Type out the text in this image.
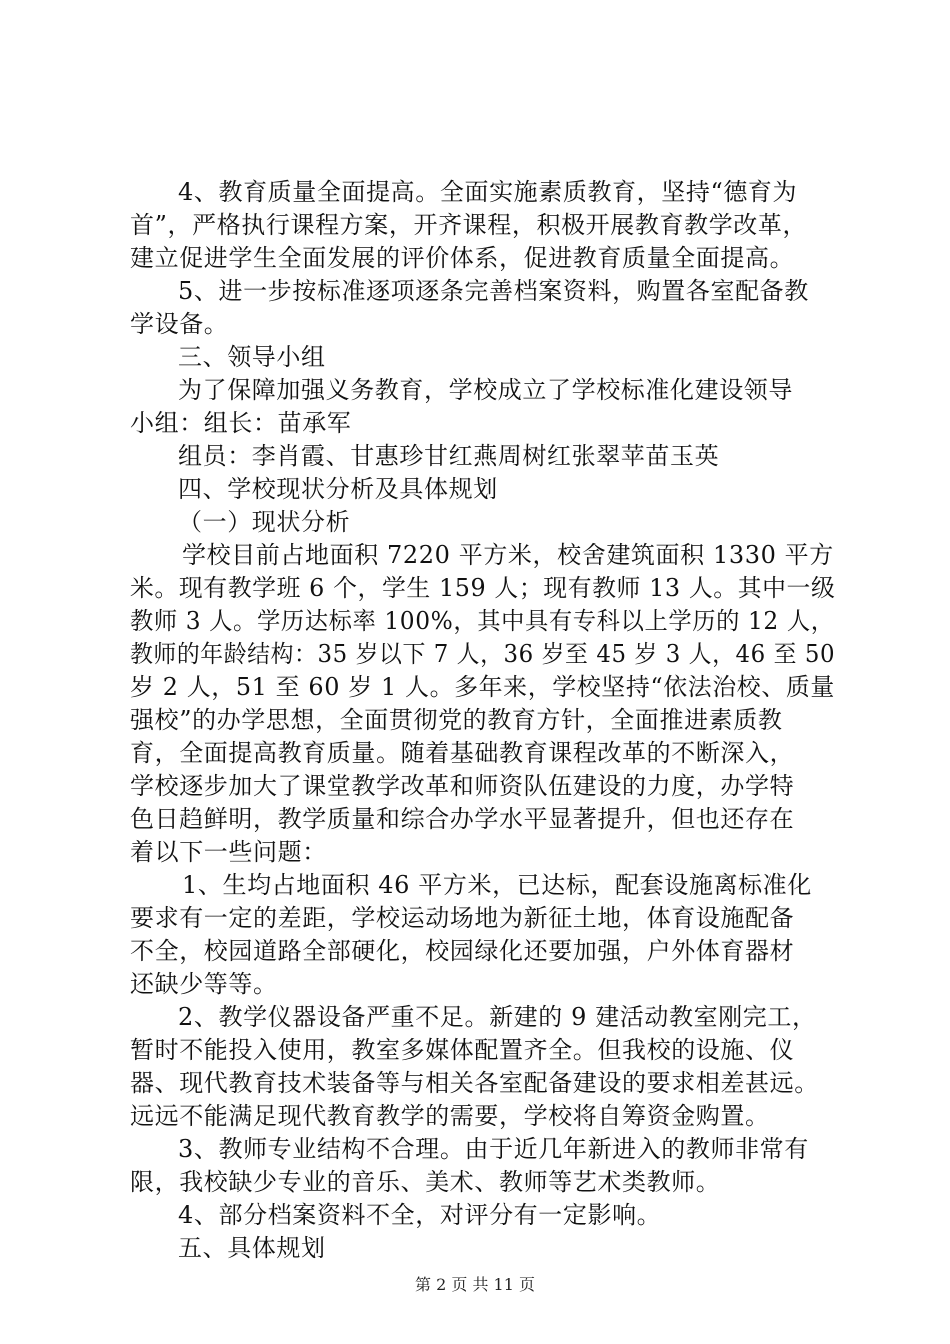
4、教育质量全面提高。全面实施素质教育，坚持“德育为
首”，严格执行课程方案，开齐课程，积极开展教育教学改革，
建立促进学生全面发展的评价体系，促进教育质量全面提高。
5、进一步按标准逐项逐条完善档案资料，购置各室配备教
学设备。
三、领导小组
为了保障加强义务教育，学校成立了学校标准化建设领导
小组：组长：苗承军
组员：李肖霞、甘惠珍甘红燕周树红张翠苹苗玉英
四、学校现状分析及具体规划
（一）现状分析
学校目前占地面积 7220 平方米，校舍建筑面积 1330 平方
米。现有教学班 6 个，学生 159 人；现有教师 13 人。其中一级
教师 3 人。学历达标率 100%，其中具有专科以上学历的 12 人，
教师的年龄结构：35 岁以下 7 人，36 岁至 45 岁 3 人，46 至 50
岁 2 人，51 至 60 岁 1 人。多年来，学校坚持“依法治校、质量
强校”的办学思想，全面贯彻党的教育方针，全面推进素质教
育，全面提高教育质量。随着基础教育课程改革的不断深入，
学校逐步加大了课堂教学改革和师资队伍建设的力度，办学特
色日趋鲜明，教学质量和综合办学水平显著提升，但也还存在
着以下一些问题：
1、生均占地面积 46 平方米，已达标，配套设施离标准化
要求有一定的差距，学校运动场地为新征土地，体育设施配备
不全，校园道路全部硬化，校园绿化还要加强，户外体育器材
还缺少等等。
2、教学仪器设备严重不足。新建的 9 建活动教室刚完工，
暂时不能投入使用，教室多媒体配置齐全。但我校的设施、仪
器、现代教育技术装备等与相关各室配备建设的要求相差甚远。
远远不能满足现代教育教学的需要，学校将自筹资金购置。
3、教师专业结构不合理。由于近几年新进入的教师非常有
限，我校缺少专业的音乐、美术、教师等艺术类教师。
4、部分档案资料不全，对评分有一定影响。
五、具体规划
第 2 页 共 11 页
